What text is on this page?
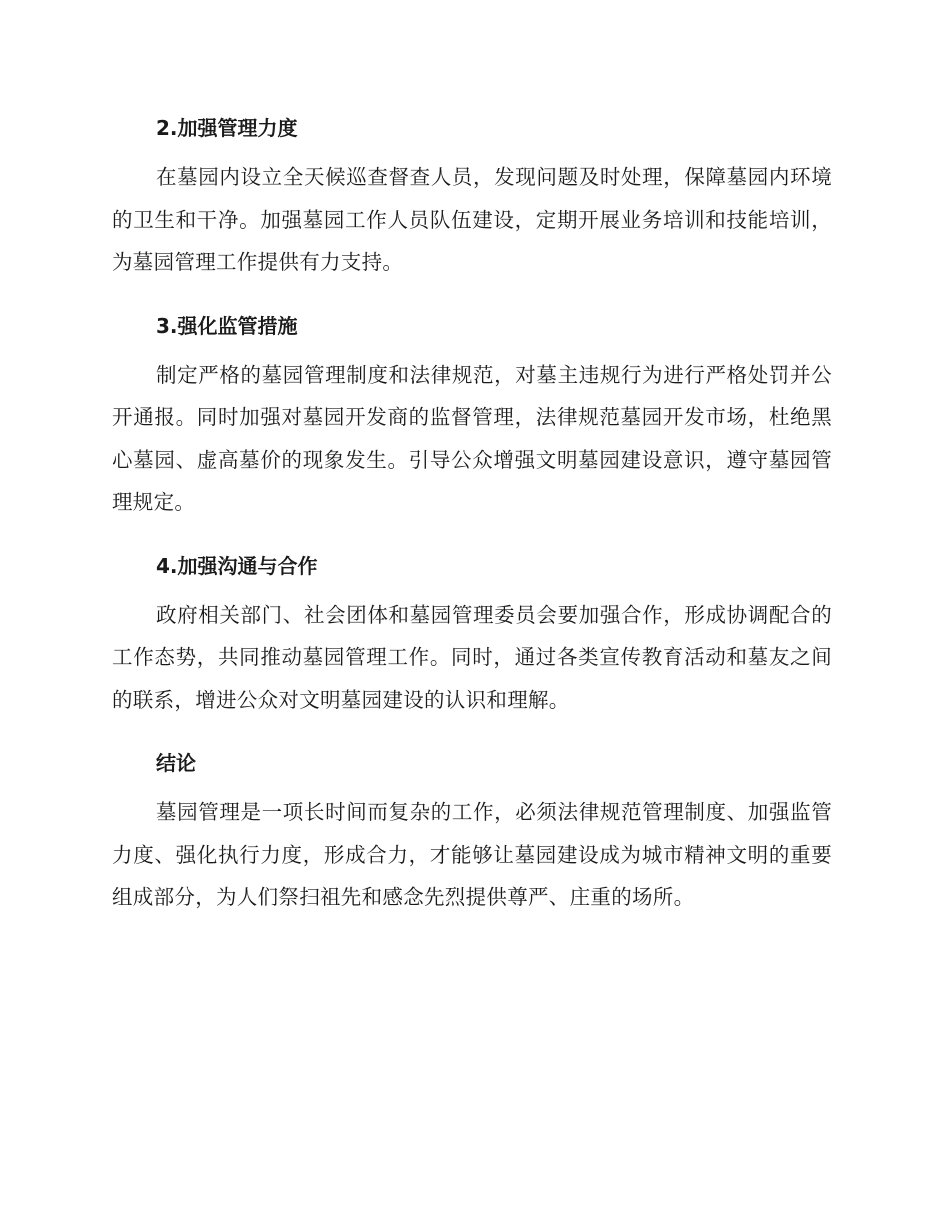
2.加强管理力度

在墓园内设立全天候巡查督查人员，发现问题及时处理，保障墓园内环境的卫生和干净。加强墓园工作人员队伍建设，定期开展业务培训和技能培训，为墓园管理工作提供有力支持。

3.强化监管措施

制定严格的墓园管理制度和法律规范，对墓主违规行为进行严格处罚并公开通报。同时加强对墓园开发商的监督管理，法律规范墓园开发市场，杜绝黑心墓园、虚高墓价的现象发生。引导公众增强文明墓园建设意识，遵守墓园管理规定。

4.加强沟通与合作

政府相关部门、社会团体和墓园管理委员会要加强合作，形成协调配合的工作态势，共同推动墓园管理工作。同时，通过各类宣传教育活动和墓友之间的联系，增进公众对文明墓园建设的认识和理解。

结论

墓园管理是一项长时间而复杂的工作，必须法律规范管理制度、加强监管力度、强化执行力度，形成合力，才能够让墓园建设成为城市精神文明的重要组成部分，为人们祭扫祖先和感念先烈提供尊严、庄重的场所。
